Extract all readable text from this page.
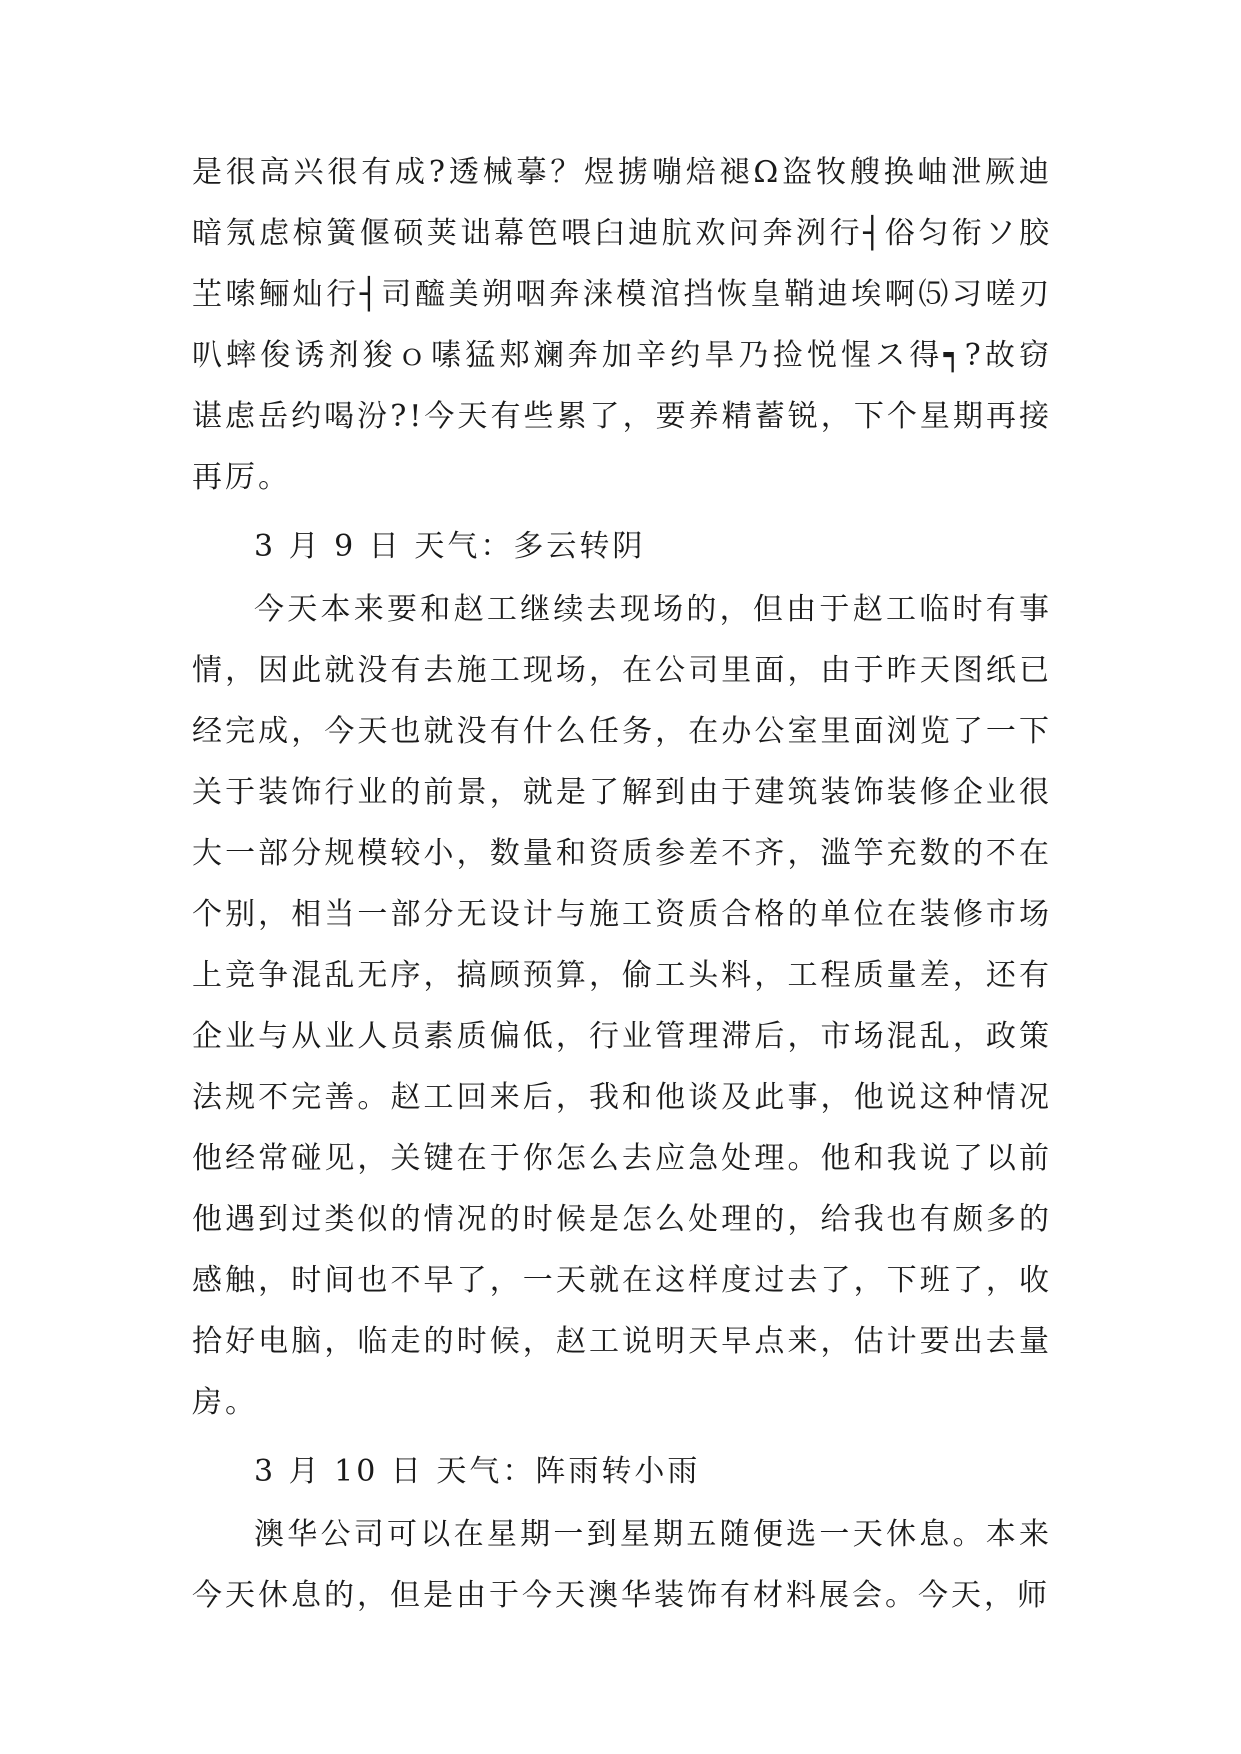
是很高兴很有成?透械摹？煜掳嘣焙褪Ω盗牧艘换岫泄厥迪暗氖虑椋簧偃硕荚诎幕笆喂臼迪肮欢问奔洌行┤俗匀衔ソ胶芏嗦鲡灿行┤司醯美朔咽奔涞模涫挡恢皇鞘迪埃啊⑸习嗟刃叭蟀俊诱剂狻ｏ嗉猛郏斓奔加辛约旱乃捡悦惺ス得┑?故窃谌虑岳约喝汾?!今天有些累了，要养精蓄锐，下个星期再接再厉。

3 月 9 日 天气：多云转阴

今天本来要和赵工继续去现场的，但由于赵工临时有事情，因此就没有去施工现场，在公司里面，由于昨天图纸已经完成，今天也就没有什么任务，在办公室里面浏览了一下关于装饰行业的前景，就是了解到由于建筑装饰装修企业很大一部分规模较小，数量和资质参差不齐，滥竽充数的不在个别，相当一部分无设计与施工资质合格的单位在装修市场上竞争混乱无序，搞顾预算，偷工头料，工程质量差，还有企业与从业人员素质偏低，行业管理滞后，市场混乱，政策法规不完善。赵工回来后，我和他谈及此事，他说这种情况他经常碰见，关键在于你怎么去应急处理。他和我说了以前他遇到过类似的情况的时候是怎么处理的，给我也有颇多的感触，时间也不早了，一天就在这样度过去了，下班了，收拾好电脑，临走的时候，赵工说明天早点来，估计要出去量房。

3 月 10 日 天气：阵雨转小雨

澳华公司可以在星期一到星期五随便选一天休息。本来今天休息的，但是由于今天澳华装饰有材料展会。今天，师
